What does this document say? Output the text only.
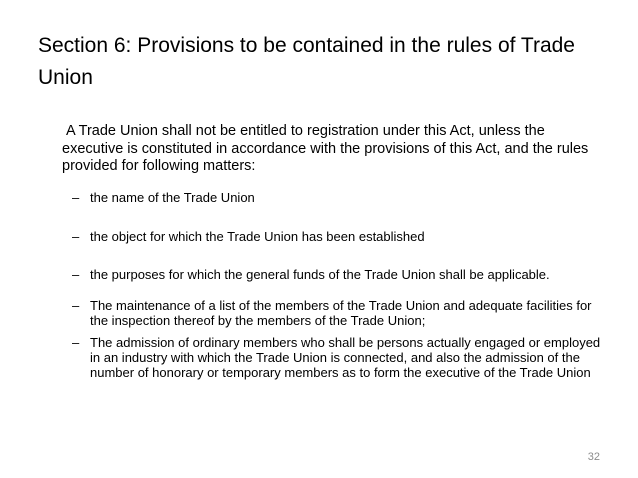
Section 6: Provisions to be contained in the rules of Trade Union

A Trade Union shall not be entitled to registration under this Act, unless the executive is constituted in accordance with the provisions of this Act, and the rules provided for following matters:

– the name of the Trade Union
– the object for which the Trade Union has been established
– the purposes for which the general funds of the Trade Union shall be applicable.
– The maintenance of a list of the members of the Trade Union and adequate facilities for the inspection thereof by the members of the Trade Union;
– The admission of ordinary members who shall be persons actually engaged or employed in an industry with which the Trade Union is connected, and also the admission of the number of honorary or temporary members as to form the executive of the Trade Union
32
